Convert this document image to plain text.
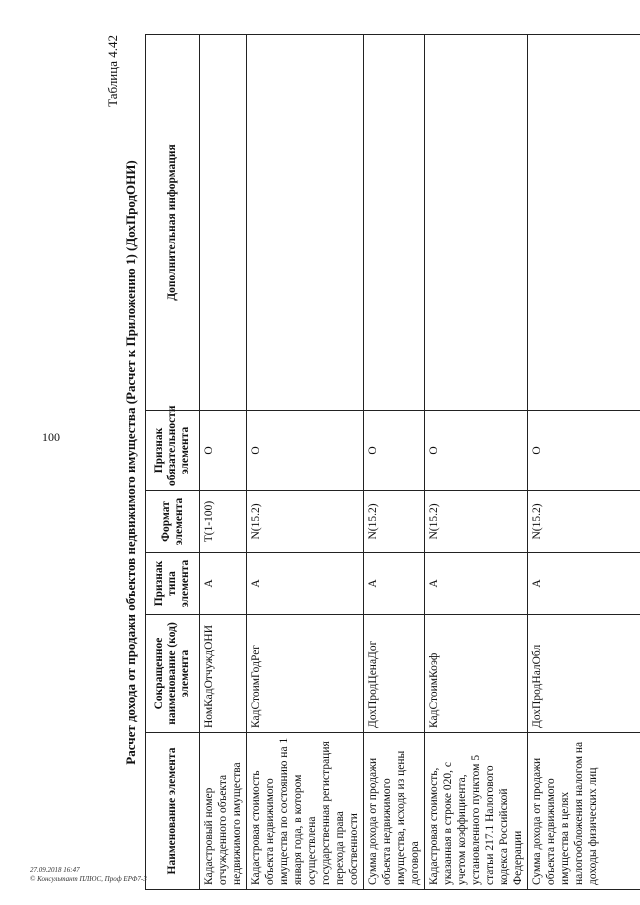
100
Таблица 4.42
Расчет дохода от продажи объектов недвижимого имущества (Расчет к Приложению 1) (ДохПродОНИ)
Наименование элемента	Сокращенное наименование (код) элемента	Признак типа элемента	Формат элемента	Признак обязательности элемента	Дополнительная информация
Кадастровый номер отчужденного объекта недвижимого имущества	НомКадОтчуждОНИ	А	T(1-100)	О	
Кадастровая стоимость объекта недвижимого имущества по состоянию на 1 января года, в котором осуществлена государственная регистрация перехода права собственности	КадСтоимГодРег	А	N(15.2)	О	
Сумма дохода от продажи объекта недвижимого имущества, исходя из цены договора	ДохПродЦенаДог	А	N(15.2)	О	
Кадастровая стоимость, указанная в строке 020, с учетом коэффициента, установленного пунктом 5 статьи 217.1 Налогового кодекса Российской Федерации	КадСтоимКоэф	А	N(15.2)	О	
Сумма дохода от продажи объекта недвижимого имущества в целях налогообложения налогом на доходы физических лиц	ДохПродНалОбл	А	N(15.2)	О	
27.09.2018 16:47
© Консультант ПЛЮС, Проф ЕРФ7-3
